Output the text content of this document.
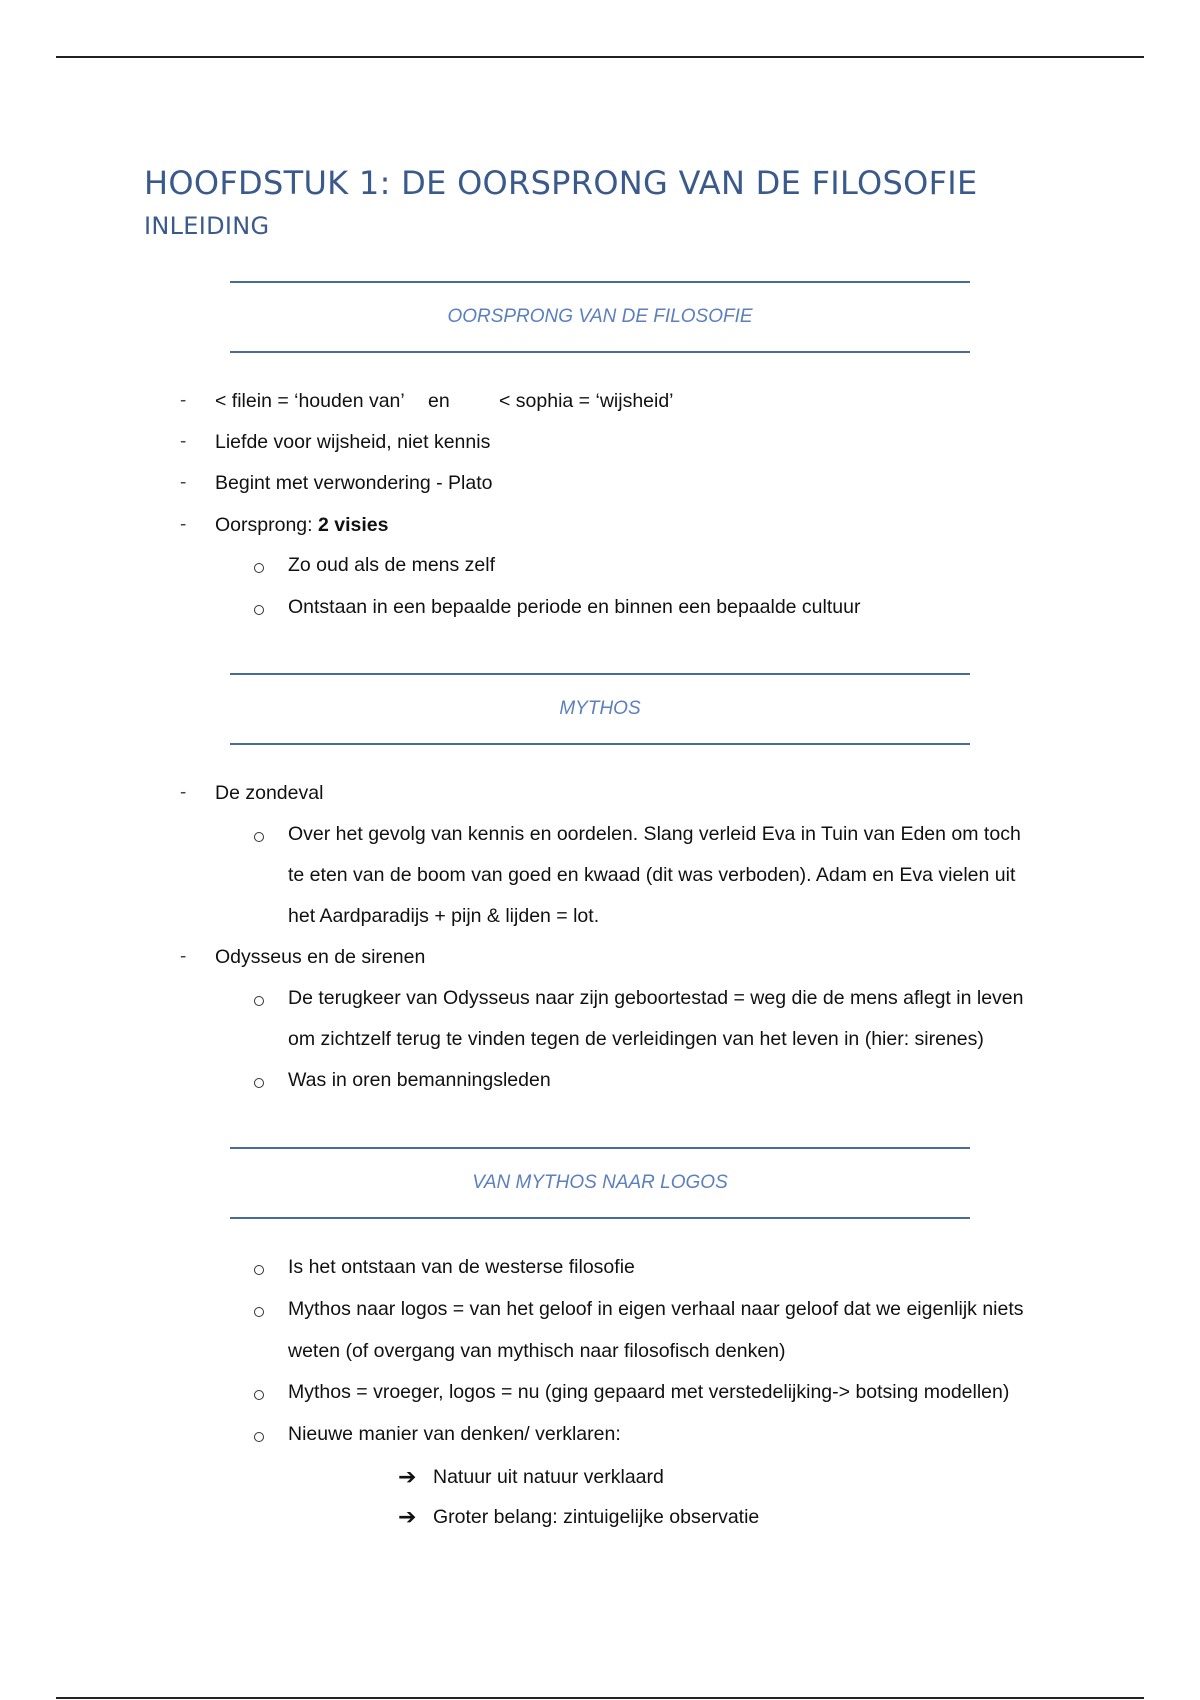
HOOFDSTUK 1: DE OORSPRONG VAN DE FILOSOFIE
INLEIDING
OORSPRONG VAN DE FILOSOFIE
- < filein = ‘houden van’ en	< sophia = ‘wijsheid’
- Liefde voor wijsheid, niet kennis
- Begint met verwondering - Plato
- Oorsprong: 2 visies
Zo oud als de mens zelf
Ontstaan in een bepaalde periode en binnen een bepaalde cultuur
MYTHOS
- De zondeval
Over het gevolg van kennis en oordelen. Slang verleid Eva in Tuin van Eden om toch
te eten van de boom van goed en kwaad (dit was verboden). Adam en Eva vielen uit
het Aardparadijs + pijn & lijden = lot.
- Odysseus en de sirenen
De terugkeer van Odysseus naar zijn geboortestad = weg die de mens aflegt in leven
om zichtzelf terug te vinden tegen de verleidingen van het leven in (hier: sirenes)
Was in oren bemanningsleden
VAN MYTHOS NAAR LOGOS
Is het ontstaan van de westerse filosofie
Mythos naar logos = van het geloof in eigen verhaal naar geloof dat we eigenlijk niets
weten (of overgang van mythisch naar filosofisch denken)
Mythos = vroeger, logos = nu (ging gepaard met verstedelijking-> botsing modellen)
Nieuwe manier van denken/ verklaren:
➔ Natuur uit natuur verklaard
➔ Groter belang: zintuigelijke observatie
